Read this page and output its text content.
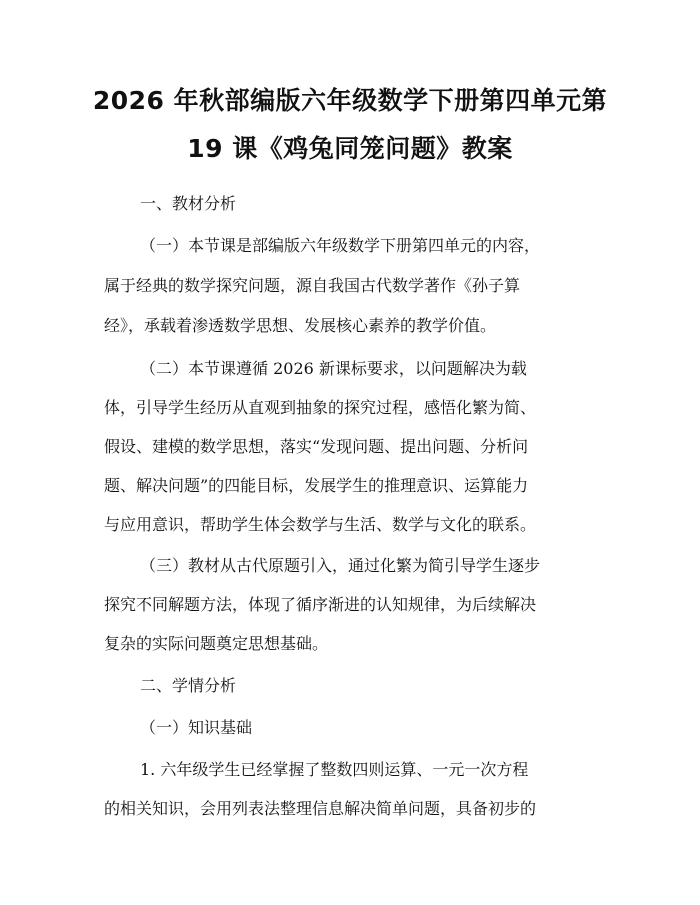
2026 年秋部编版六年级数学下册第四单元第
19 课《鸡兔同笼问题》教案
一、教材分析
（一）本节课是部编版六年级数学下册第四单元的内容，
属于经典的数学探究问题，源自我国古代数学著作《孙子算
经》，承载着渗透数学思想、发展核心素养的教学价值。
（二）本节课遵循 2026 新课标要求，以问题解决为载
体，引导学生经历从直观到抽象的探究过程，感悟化繁为简、
假设、建模的数学思想，落实“发现问题、提出问题、分析问
题、解决问题”的四能目标，发展学生的推理意识、运算能力
与应用意识，帮助学生体会数学与生活、数学与文化的联系。
（三）教材从古代原题引入，通过化繁为简引导学生逐步
探究不同解题方法，体现了循序渐进的认知规律，为后续解决
复杂的实际问题奠定思想基础。
二、学情分析
（一）知识基础
1. 六年级学生已经掌握了整数四则运算、一元一次方程
的相关知识，会用列表法整理信息解决简单问题，具备初步的
